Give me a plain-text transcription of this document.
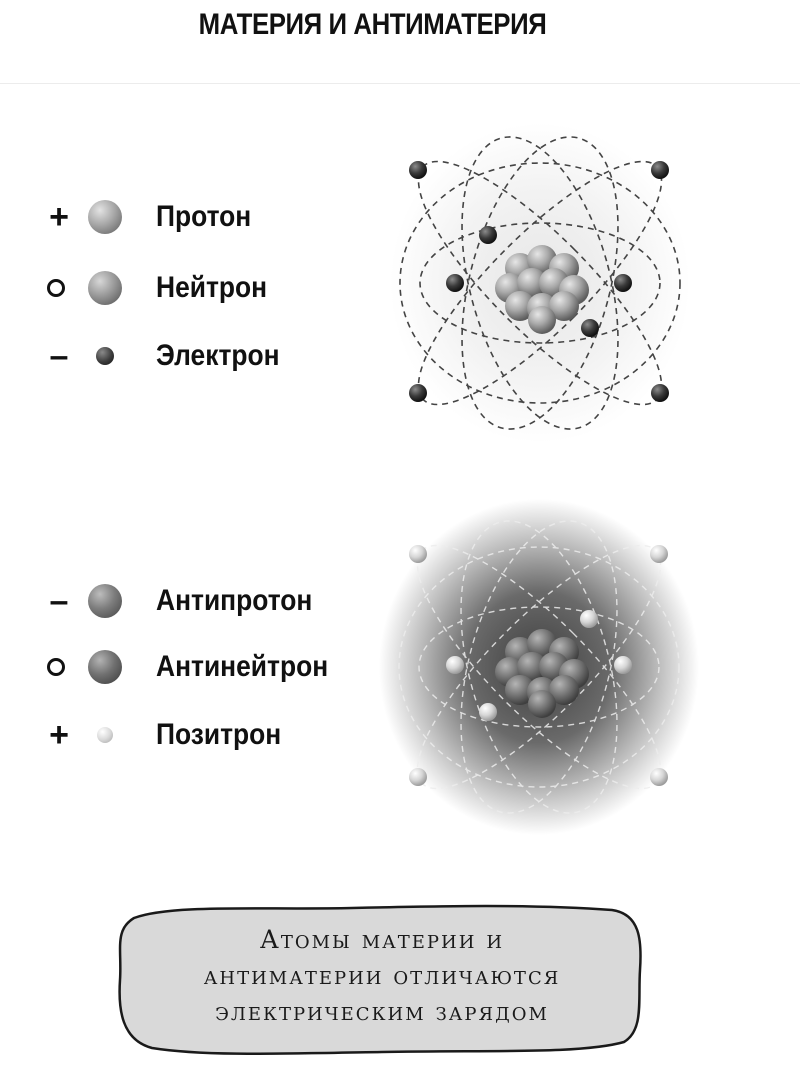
МАТЕРИЯ И АНТИМАТЕРИЯ
+	Протон
Нейтрон
–	Электрон
–	Антипротон
Антинейтрон
+	Позитрон
Атомы материи и
антиматерии отличаются
электрическим зарядом
